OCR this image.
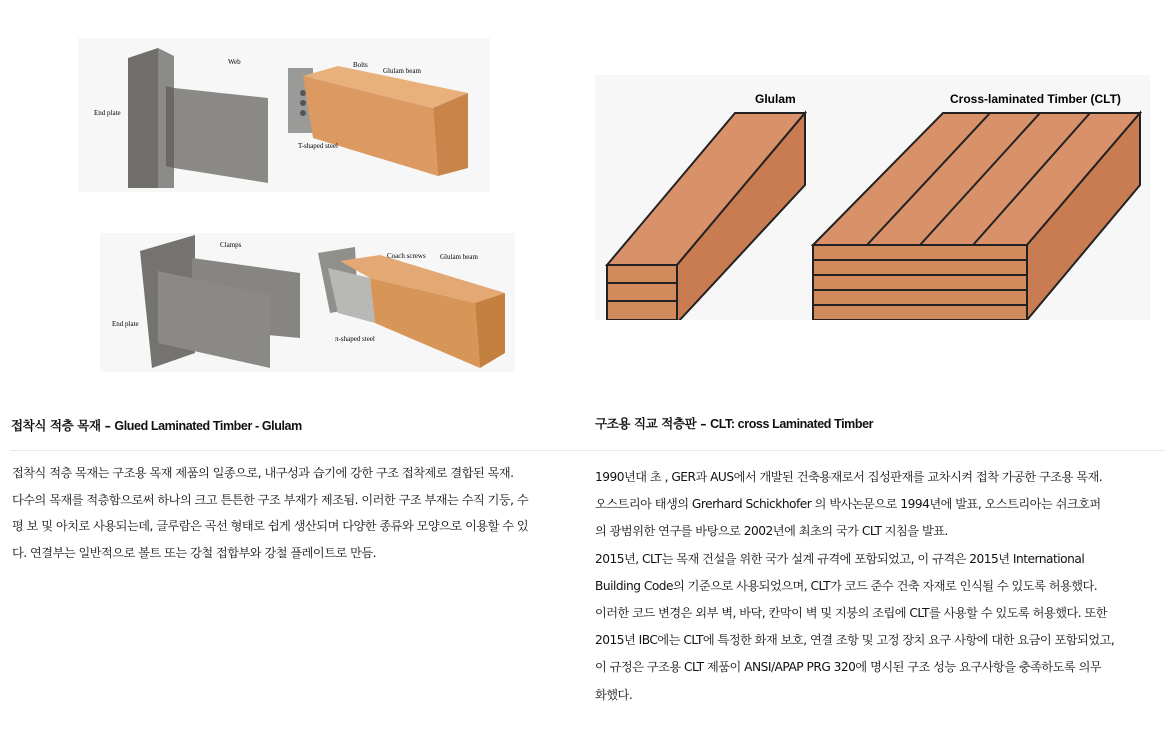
Web
End plate
Bolts
Glulam beam
T-shaped steel
Clamps
End plate
Coach screws Glulam beam
π-shaped steel
Glulam	Cross-laminated Timber (CLT)
접착식 적층 목재 – Glued Laminated Timber - Glulam	구조용 직교 적층판 – CLT: cross Laminated Timber
접착식 적층 목재는 구조용 목재 제품의 일종으로, 내구성과 습기에 강한 구조 접착제로 결합된 목재.
다수의 목재를 적층함으로써 하나의 크고 튼튼한 구조 부재가 제조됨. 이러한 구조 부재는 수직 기둥, 수
평 보 및 아치로 사용되는데, 글루람은 곡선 형태로 쉽게 생산되며 다양한 종류와 모양으로 이용할 수 있
다. 연결부는 일반적으로 볼트 또는 강철 접합부와 강철 플레이트로 만듬.
1990년대 초 , GER과 AUS에서 개발된 건축용재로서 집성판재를 교차시켜 접착 가공한 구조용 목재.
오스트리아 태생의 Grerhard Schickhofer 의 박사논문으로 1994년에 발표, 오스트리아는 쉬크호퍼
의 광범위한 연구를 바탕으로 2002년에 최초의 국가 CLT 지침을 발표.
2015년, CLT는 목재 건설을 위한 국가 설계 규격에 포함되었고, 이 규격은 2015년 International
Building Code의 기준으로 사용되었으며, CLT가 코드 준수 건축 자재로 인식될 수 있도록 허용했다.
이러한 코드 변경은 외부 벽, 바닥, 칸막이 벽 및 지붕의 조립에 CLT를 사용할 수 있도록 허용했다. 또한
2015년 IBC에는 CLT에 특정한 화재 보호, 연결 조항 및 고정 장치 요구 사항에 대한 요금이 포함되었고,
이 규정은 구조용 CLT 제품이 ANSI/APAP PRG 320에 명시된 구조 성능 요구사항을 충족하도록 의무
화했다.
